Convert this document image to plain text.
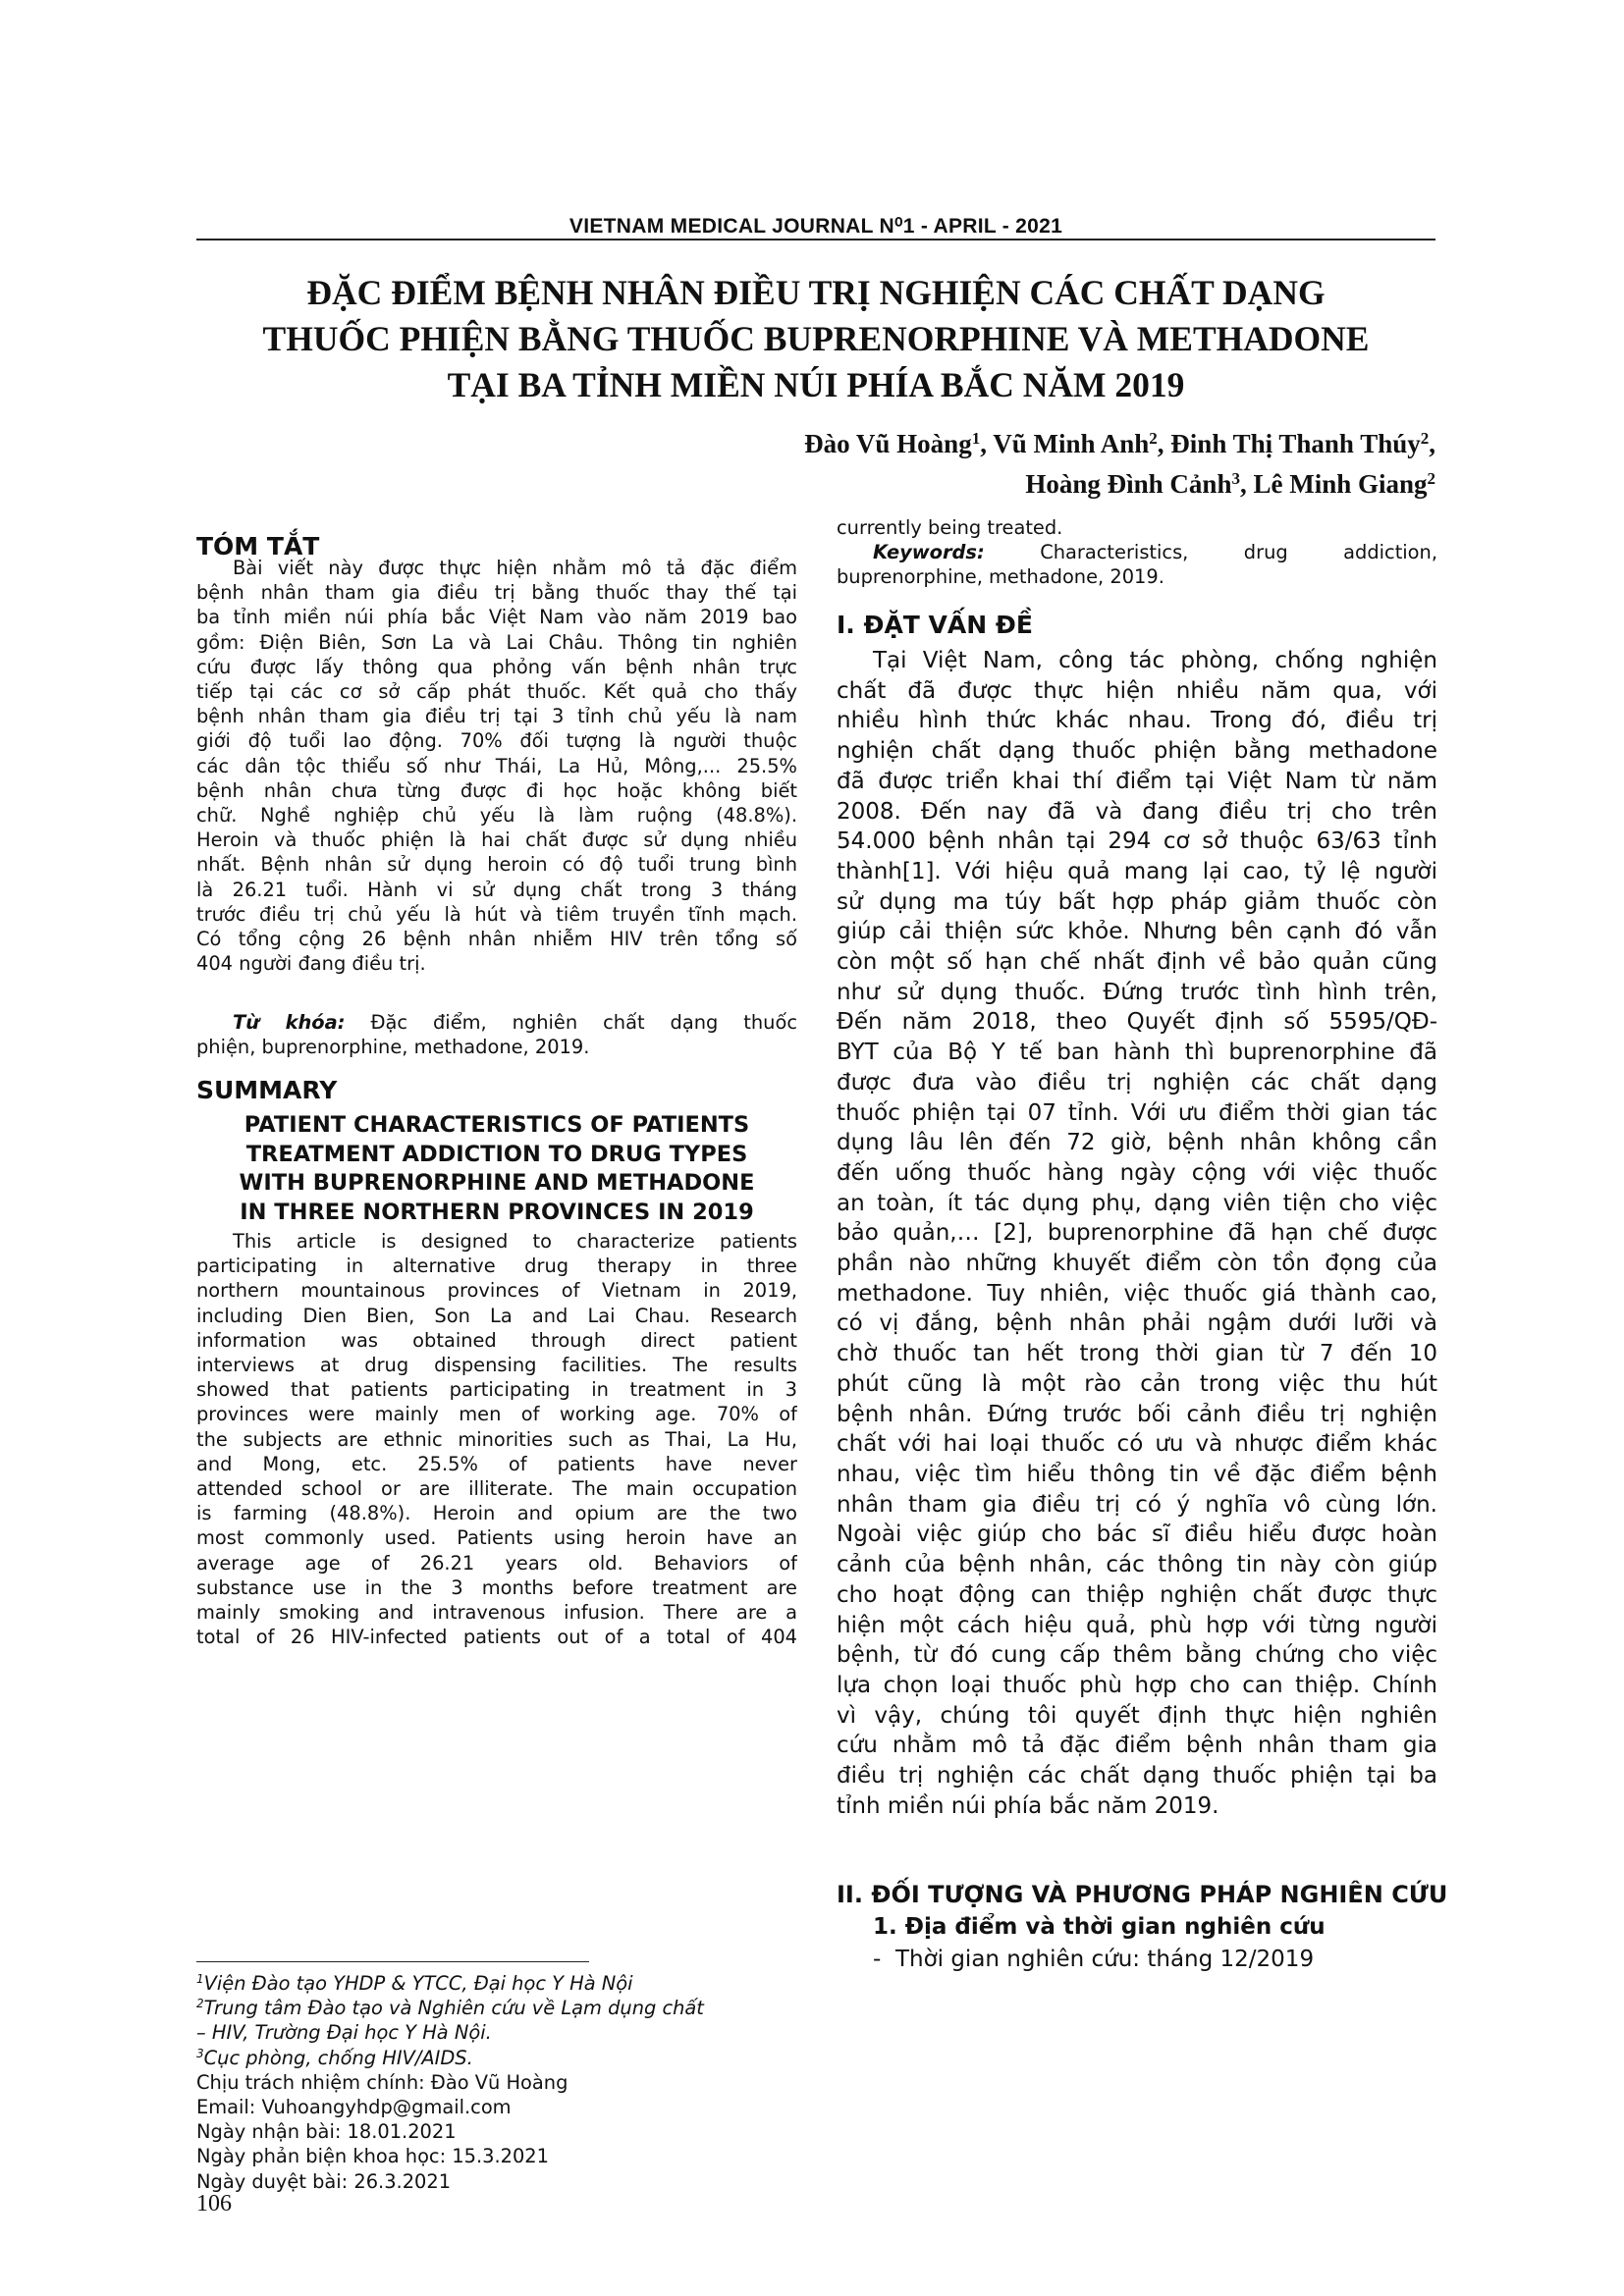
VIETNAM MEDICAL JOURNAL N⁰1 - APRIL - 2021
ĐẶC ĐIỂM BỆNH NHÂN ĐIỀU TRỊ NGHIỆN CÁC CHẤT DẠNG
THUỐC PHIỆN BẰNG THUỐC BUPRENORPHINE VÀ METHADONE
TẠI BA TỈNH MIỀN NÚI PHÍA BẮC NĂM 2019
Đào Vũ Hoàng$^1$, Vũ Minh Anh$^2$, Đinh Thị Thanh Thúy$^2$,
Hoàng Đình Cảnh$^3$, Lê Minh Giang$^2$
TÓM TẮT
Bài viết này được thực hiện nhằm mô tả đặc điểm
bệnh nhân tham gia điều trị bằng thuốc thay thế tại
ba tỉnh miền núi phía bắc Việt Nam vào năm 2019 bao
gồm: Điện Biên, Sơn La và Lai Châu. Thông tin nghiên
cứu được lấy thông qua phỏng vấn bệnh nhân trực
tiếp tại các cơ sở cấp phát thuốc. Kết quả cho thấy
bệnh nhân tham gia điều trị tại 3 tỉnh chủ yếu là nam
giới độ tuổi lao động. 70% đối tượng là người thuộc
các dân tộc thiểu số như Thái, La Hủ, Mông,... 25.5%
bệnh nhân chưa từng được đi học hoặc không biết
chữ. Nghề nghiệp chủ yếu là làm ruộng (48.8%).
Heroin và thuốc phiện là hai chất được sử dụng nhiều
nhất. Bệnh nhân sử dụng heroin có độ tuổi trung bình
là 26.21 tuổi. Hành vi sử dụng chất trong 3 tháng
trước điều trị chủ yếu là hút và tiêm truyền tĩnh mạch.
Có tổng cộng 26 bệnh nhân nhiễm HIV trên tổng số
404 người đang điều trị.
Từ khóa: Đặc điểm, nghiên chất dạng thuốc
phiện, buprenorphine, methadone, 2019.
SUMMARY
PATIENT CHARACTERISTICS OF PATIENTS
TREATMENT ADDICTION TO DRUG TYPES
WITH BUPRENORPHINE AND METHADONE
IN THREE NORTHERN PROVINCES IN 2019
This article is designed to characterize patients
participating in alternative drug therapy in three
northern mountainous provinces of Vietnam in 2019,
including Dien Bien, Son La and Lai Chau. Research
information was obtained through direct patient
interviews at drug dispensing facilities. The results
showed that patients participating in treatment in 3
provinces were mainly men of working age. 70% of
the subjects are ethnic minorities such as Thai, La Hu,
and Mong, etc. 25.5% of patients have never
attended school or are illiterate. The main occupation
is farming (48.8%). Heroin and opium are the two
most commonly used. Patients using heroin have an
average age of 26.21 years old. Behaviors of
substance use in the 3 months before treatment are
mainly smoking and intravenous infusion. There are a
total of 26 HIV-infected patients out of a total of 404
$^1$Viện Đào tạo YHDP & YTCC, Đại học Y Hà Nội
$^2$Trung tâm Đào tạo và Nghiên cứu về Lạm dụng chất
– HIV, Trường Đại học Y Hà Nội.
$^3$Cục phòng, chống HIV/AIDS.
Chịu trách nhiệm chính: Đào Vũ Hoàng
Email: Vuhoangyhdp@gmail.com
Ngày nhận bài: 18.01.2021
Ngày phản biện khoa học: 15.3.2021
Ngày duyệt bài: 26.3.2021
106
currently being treated.
Keywords:	Characteristics, drug addiction,
buprenorphine, methadone, 2019.
I. ĐẶT VẤN ĐỀ
Tại Việt Nam, công tác phòng, chống nghiện
chất đã được thực hiện nhiều năm qua, với
nhiều hình thức khác nhau. Trong đó, điều trị
nghiện chất dạng thuốc phiện bằng methadone
đã được triển khai thí điểm tại Việt Nam từ năm
2008. Đến nay đã và đang điều trị cho trên
54.000 bệnh nhân tại 294 cơ sở thuộc 63/63 tỉnh
thành[1]. Với hiệu quả mang lại cao, tỷ lệ người
sử dụng ma túy bất hợp pháp giảm thuốc còn
giúp cải thiện sức khỏe. Nhưng bên cạnh đó vẫn
còn một số hạn chế nhất định về bảo quản cũng
như sử dụng thuốc. Đứng trước tình hình trên,
Đến năm 2018, theo Quyết định số 5595/QĐ-
BYT của Bộ Y tế ban hành thì buprenorphine đã
được đưa vào điều trị nghiện các chất dạng
thuốc phiện tại 07 tỉnh. Với ưu điểm thời gian tác
dụng lâu lên đến 72 giờ, bệnh nhân không cần
đến uống thuốc hàng ngày cộng với việc thuốc
an toàn, ít tác dụng phụ, dạng viên tiện cho việc
bảo quản,… [2], buprenorphine đã hạn chế được
phần nào những khuyết điểm còn tồn đọng của
methadone. Tuy nhiên, việc thuốc giá thành cao,
có vị đắng, bệnh nhân phải ngậm dưới lưỡi và
chờ thuốc tan hết trong thời gian từ 7 đến 10
phút cũng là một rào cản trong việc thu hút
bệnh nhân. Đứng trước bối cảnh điều trị nghiện
chất với hai loại thuốc có ưu và nhược điểm khác
nhau, việc tìm hiểu thông tin về đặc điểm bệnh
nhân tham gia điều trị có ý nghĩa vô cùng lớn.
Ngoài việc giúp cho bác sĩ điều hiểu được hoàn
cảnh của bệnh nhân, các thông tin này còn giúp
cho hoạt động can thiệp nghiện chất được thực
hiện một cách hiệu quả, phù hợp với từng người
bệnh, từ đó cung cấp thêm bằng chứng cho việc
lựa chọn loại thuốc phù hợp cho can thiệp. Chính
vì vậy, chúng tôi quyết định thực hiện nghiên
cứu nhằm mô tả đặc điểm bệnh nhân tham gia
điều trị nghiện các chất dạng thuốc phiện tại ba
tỉnh miền núi phía bắc năm 2019.
II. ĐỐI TƯỢNG VÀ PHƯƠNG PHÁP NGHIÊN CỨU
1. Địa điểm và thời gian nghiên cứu
- Thời gian nghiên cứu: tháng 12/2019
